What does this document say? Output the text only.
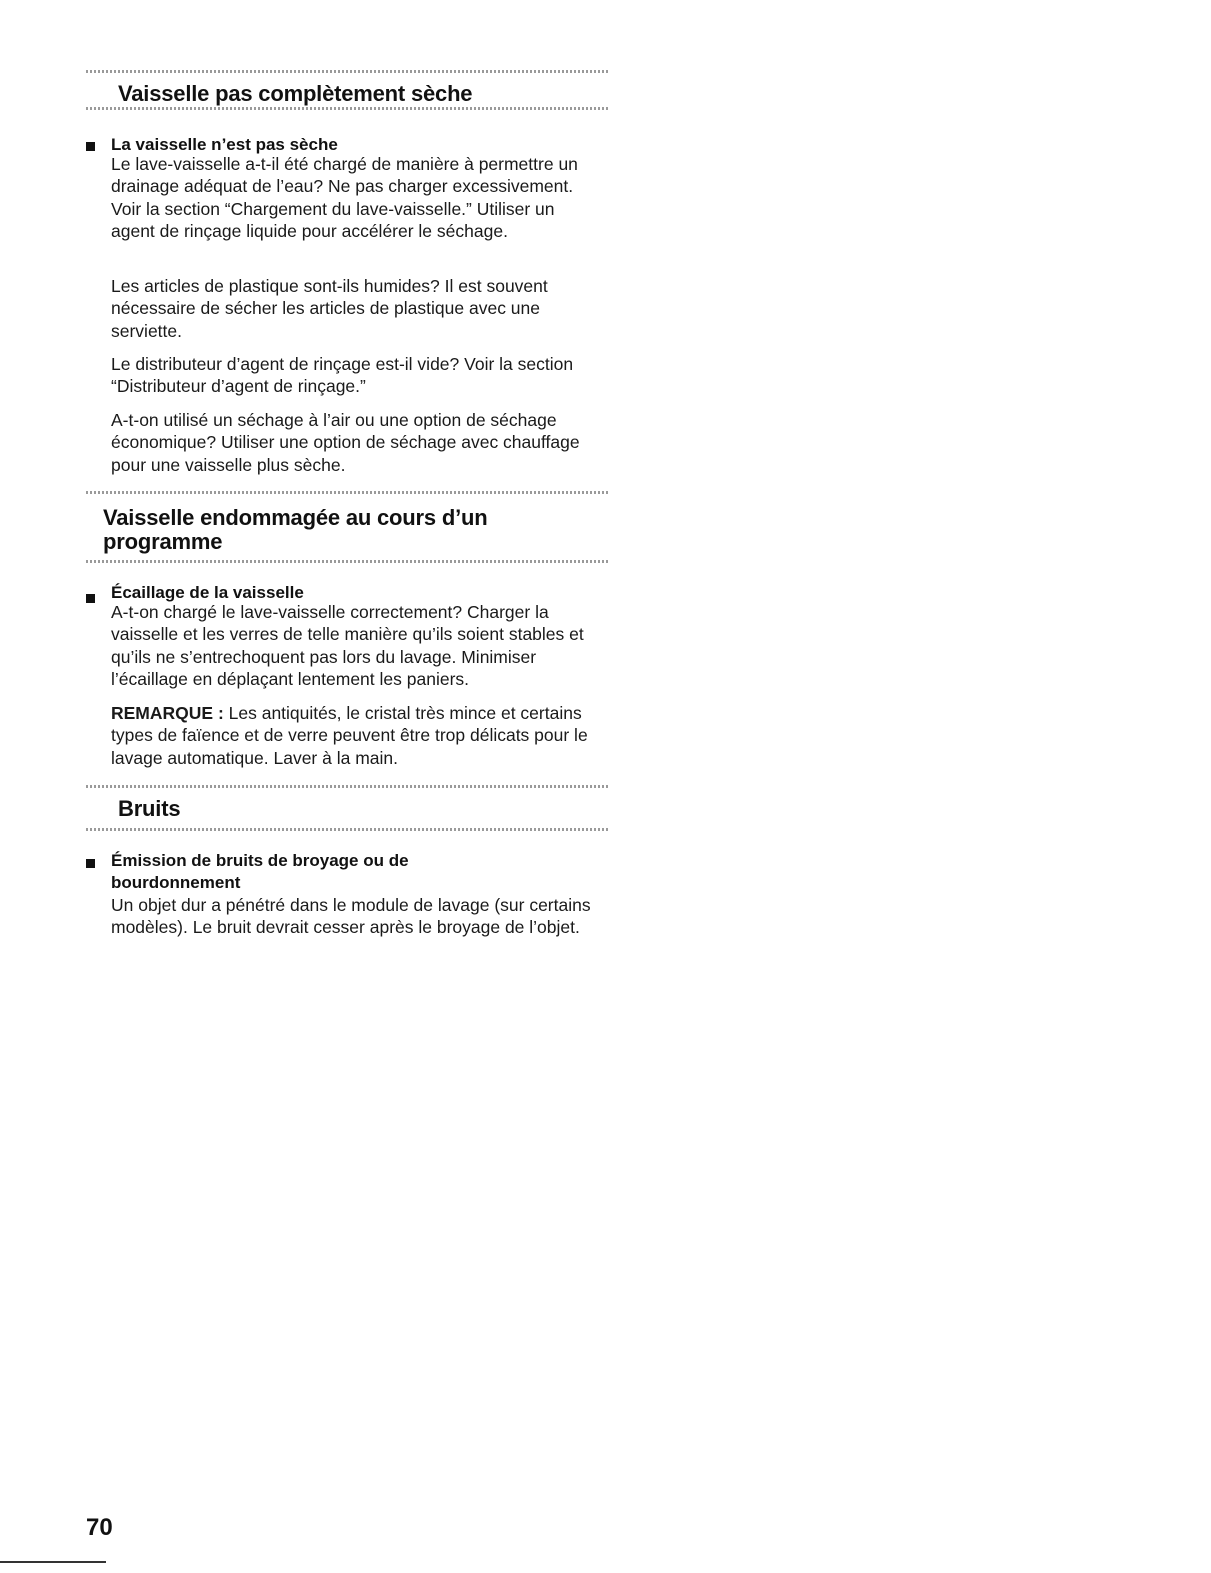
Vaisselle pas complètement sèche
La vaisselle n’est pas sèche

Le lave-vaisselle a-t-il été chargé de manière à permettre un drainage adéquat de l’eau? Ne pas charger excessivement. Voir la section “Chargement du lave-vaisselle.” Utiliser un agent de rinçage liquide pour accélérer le séchage.

Les articles de plastique sont-ils humides? Il est souvent nécessaire de sécher les articles de plastique avec une serviette.

Le distributeur d’agent de rinçage est-il vide? Voir la section “Distributeur d’agent de rinçage.”

A-t-on utilisé un séchage à l’air ou une option de séchage économique? Utiliser une option de séchage avec chauffage pour une vaisselle plus sèche.

Vaisselle endommagée au cours d’un
programme
Écaillage de la vaisselle

A-t-on chargé le lave-vaisselle correctement? Charger la vaisselle et les verres de telle manière qu’ils soient stables et qu’ils ne s’entrechoquent pas lors du lavage. Minimiser l’écaillage en déplaçant lentement les paniers.

REMARQUE : Les antiquités, le cristal très mince et certains types de faïence et de verre peuvent être trop délicats pour le lavage automatique. Laver à la main.

Bruits
Émission de bruits de broyage ou de
bourdonnement

Un objet dur a pénétré dans le module de lavage (sur certains modèles). Le bruit devrait cesser après le broyage de l’objet.

70
